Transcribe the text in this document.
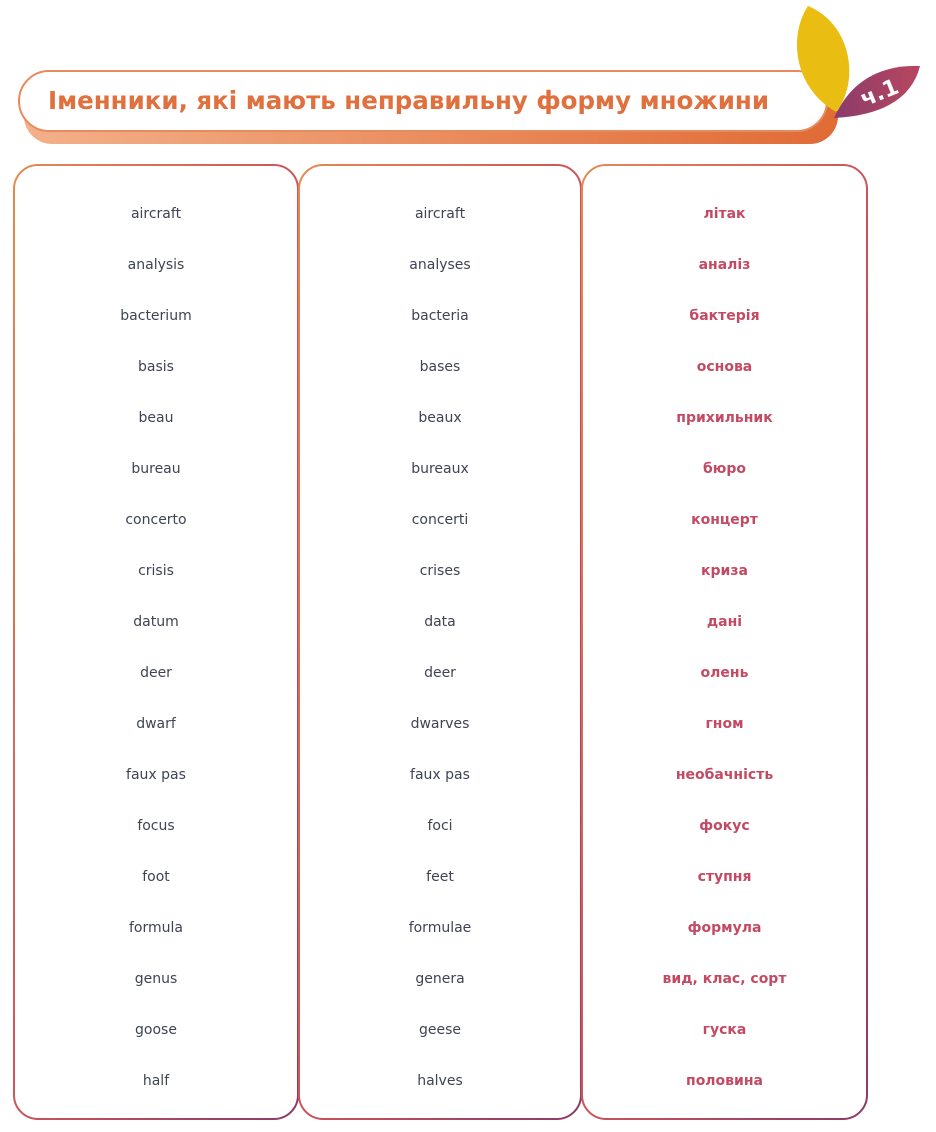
Іменники, які мають неправильну форму множини	ч.1
aircraft
analysis
bacterium
basis
beau
bureau
concerto
crisis
datum
deer
dwarf
faux pas
focus
foot
formula
genus
goose
half
aircraft
analyses
bacteria
bases
beaux
bureaux
concerti
crises
data
deer
dwarves
faux pas
foci
feet
formulae
genera
geese
halves
літак
аналіз
бактерія
основа
прихильник
бюро
концерт
криза
дані
олень
гном
необачність
фокус
ступня
формула
вид, клас, сорт
гуска
половина
